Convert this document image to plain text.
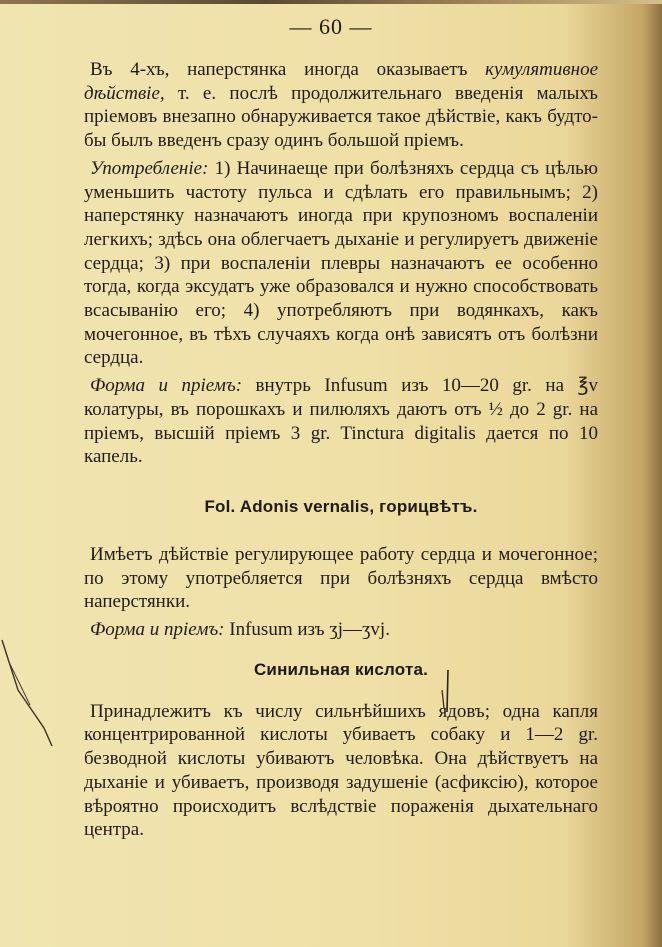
— 60 —

Въ 4-хъ, наперстянка иногда оказываетъ кумулятивное дѣйствіе, т. е. послѣ продолжительнаго введенія малыхъ пріемовъ внезапно обнаруживается такое дѣйствіе, какъ будто-бы былъ введенъ сразу одинъ большой пріемъ.

Употребленіе: 1) Начинаеще при болѣзняхъ сердца съ цѣлью уменьшить частоту пульса и сдѣлать его правильнымъ; 2) наперстянку назначаютъ иногда при крупозномъ воспаленіи легкихъ; здѣсь она облегчаетъ дыханіе и регулируетъ движеніе сердца; 3) при воспаленіи плевры назначаютъ ее особенно тогда, когда эксудатъ уже образовался и нужно способствовать всасыванію его; 4) употребляютъ при водянкахъ, какъ мочегонное, въ тѣхъ случаяхъ когда онѣ зависятъ отъ болѣзни сердца.

Форма и пріемъ: внутрь Infusum изъ 10—20 gr. на ℥v колатуры, въ порошкахъ и пилюляхъ даютъ отъ ½ до 2 gr. на пріемъ, высшій пріемъ 3 gr. Tinctura digitalis дается по 10 капель.

Fol. Adonis vernalis, горицвѣтъ.

Имѣетъ дѣйствіе регулирующее работу сердца и мочегонное; по этому употребляется при болѣзняхъ сердца вмѣсто наперстянки.

Форма и пріемъ: Infusum изъ ʒj—ʒvj.

Синильная кислота.

Принадлежитъ къ числу сильнѣйшихъ ядовъ; одна капля концентрированной кислоты убиваетъ собаку и 1—2 gr. безводной кислоты убиваютъ человѣка. Она дѣйствуетъ на дыханіе и убиваетъ, производя задушеніе (асфиксію), которое вѣроятно происходитъ вслѣдствіе пораженія дыхательнаго центра.
